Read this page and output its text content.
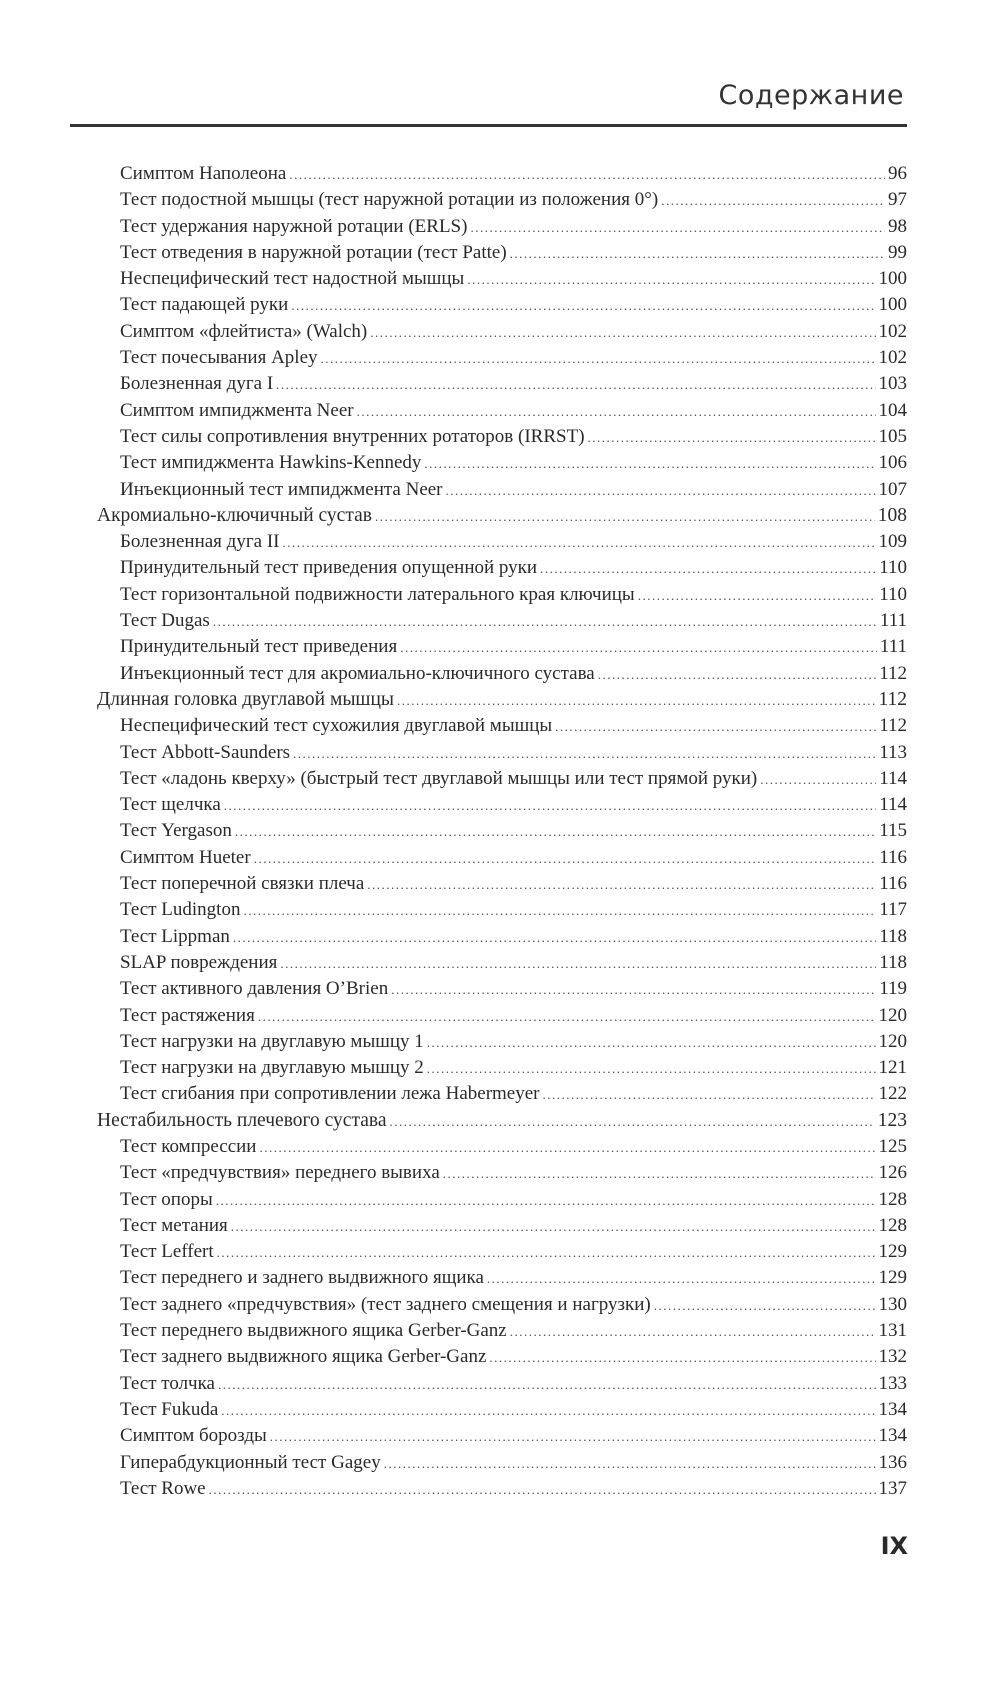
Содержание
Симптом Наполеона .....	96
Тест подостной мышцы (тест наружной ротации из положения 0°) .....	97
Тест удержания наружной ротации (ERLS) .....	98
Тест отведения в наружной ротации (тест Patte) .....	99
Неспецифический тест надостной мышцы .....	100
Тест падающей руки .....	100
Симптом «флейтиста» (Walch) .....	102
Тест почесывания Apley .....	102
Болезненная дуга I .....	103
Симптом импиджмента Neer .....	104
Тест силы сопротивления внутренних ротаторов (IRRST) .....	105
Тест импиджмента Hawkins-Kennedy .....	106
Инъекционный тест импиджмента Neer .....	107
Акромиально-ключичный сустав .....	108
Болезненная дуга II .....	109
Принудительный тест приведения опущенной руки .....	110
Тест горизонтальной подвижности латерального края ключицы .....	110
Тест Dugas .....	111
Принудительный тест приведения .....	111
Инъекционный тест для акромиально-ключичного сустава .....	112
Длинная головка двуглавой мышцы .....	112
Неспецифический тест сухожилия двуглавой мышцы .....	112
Тест Abbott-Saunders .....	113
Тест «ладонь кверху» (быстрый тест двуглавой мышцы или тест прямой руки) .....	114
Тест щелчка .....	114
Тест Yergason .....	115
Симптом Hueter .....	116
Тест поперечной связки плеча .....	116
Тест Ludington .....	117
Тест Lippman .....	118
SLAP повреждения .....	118
Тест активного давления O’Brien .....	119
Тест растяжения .....	120
Тест нагрузки на двуглавую мышцу 1 .....	120
Тест нагрузки на двуглавую мышцу 2 .....	121
Тест сгибания при сопротивлении лежа Habermeyer .....	122
Нестабильность плечевого сустава .....	123
Тест компрессии .....	125
Тест «предчувствия» переднего вывиха .....	126
Тест опоры .....	128
Тест метания .....	128
Тест Leffert .....	129
Тест переднего и заднего выдвижного ящика .....	129
Тест заднего «предчувствия» (тест заднего смещения и нагрузки) .....	130
Тест переднего выдвижного ящика Gerber-Ganz .....	131
Тест заднего выдвижного ящика Gerber-Ganz .....	132
Тест толчка .....	133
Тест Fukuda .....	134
Симптом борозды .....	134
Гиперабдукционный тест Gagey .....	136
Тест Rowe .....	137
IX
